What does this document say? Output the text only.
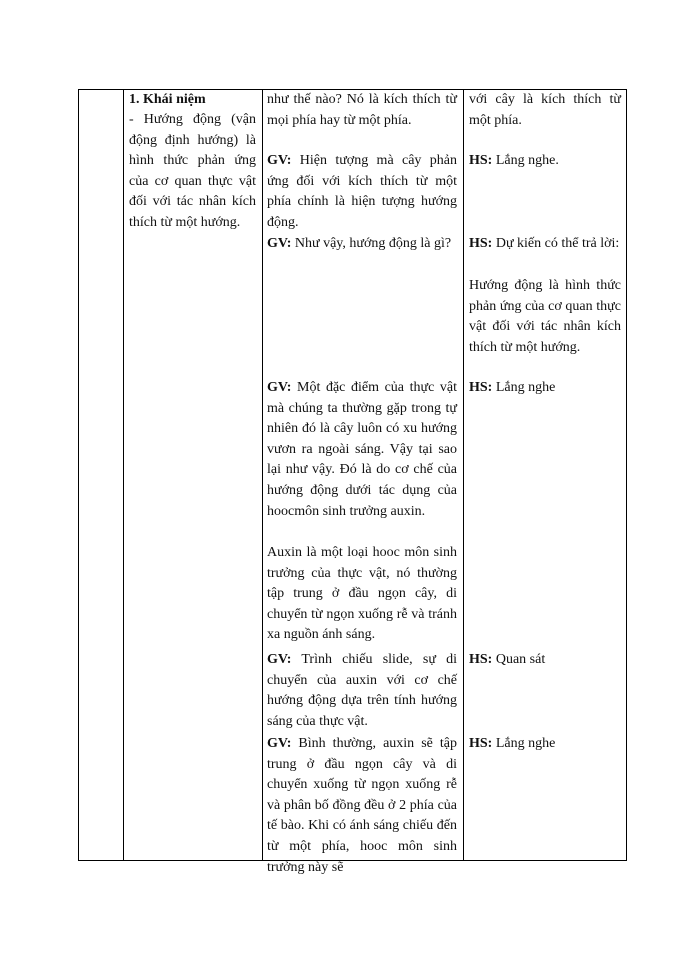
1. Khái niệm
- Hướng động (vận động định hướng) là hình thức phản ứng của cơ quan thực vật đối với tác nhân kích thích từ một hướng.
như thế nào? Nó là kích thích từ mọi phía hay từ một phía.
GV: Hiện tượng mà cây phản ứng đối với kích thích từ một phía chính là hiện tượng hướng động.
GV: Như vậy, hướng động là gì?
GV: Một đặc điểm của thực vật mà chúng ta thường gặp trong tự nhiên đó là cây luôn có xu hướng vươn ra ngoài sáng. Vậy tại sao lại như vậy. Đó là do cơ chế của hướng động dưới tác dụng của hoocmôn sinh trưởng auxin.
Auxin là một loại hooc môn sinh trưởng của thực vật, nó thường tập trung ở đầu ngọn cây, di chuyển từ ngọn xuống rễ và tránh xa nguồn ánh sáng.
GV: Trình chiếu slide, sự di chuyển của auxin với cơ chế hướng động dựa trên tính hướng sáng của thực vật.
GV: Bình thường, auxin sẽ tập trung ở đầu ngọn cây và di chuyển xuống từ ngọn xuống rễ và phân bố đồng đều ở 2 phía của tế bào. Khi có ánh sáng chiếu đến từ một phía, hooc môn sinh trưởng này sẽ
với cây là kích thích từ một phía.
HS: Lắng nghe.
HS: Dự kiến có thể trả lời:
Hướng động là hình thức phản ứng của cơ quan thực vật đối với tác nhân kích thích từ một hướng.
HS: Lắng nghe
HS: Quan sát
HS: Lắng nghe
